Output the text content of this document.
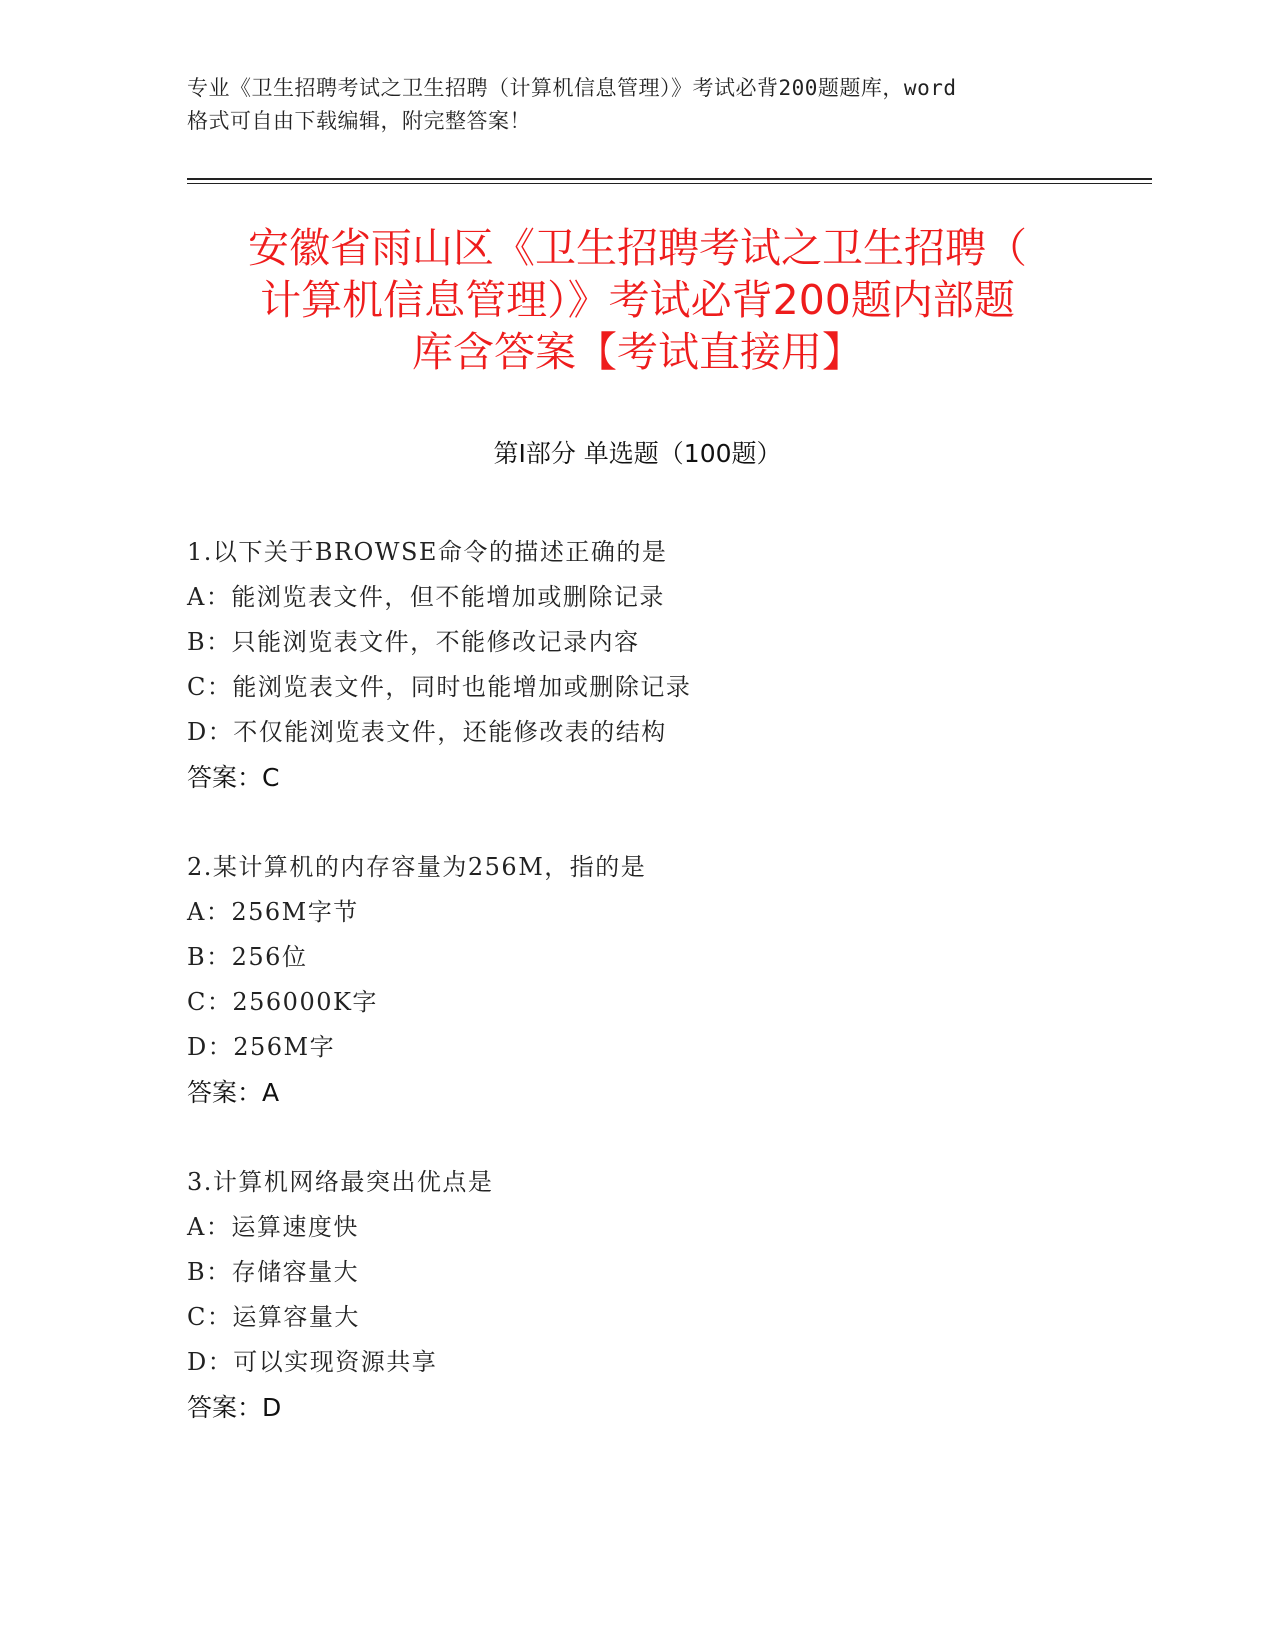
专业《卫生招聘考试之卫生招聘（计算机信息管理）》考试必背200题题库，word
格式可自由下载编辑，附完整答案！
安徽省雨山区《卫生招聘考试之卫生招聘（
计算机信息管理）》考试必背200题内部题
库含答案【考试直接用】
第Ⅰ部分 单选题（100题）
1.以下关于BROWSE命令的描述正确的是
A：能浏览表文件，但不能增加或删除记录
B：只能浏览表文件，不能修改记录内容
C：能浏览表文件，同时也能增加或删除记录
D：不仅能浏览表文件，还能修改表的结构
答案：C
2.某计算机的内存容量为256M，指的是
A：256M字节
B：256位
C：256000K字
D：256M字
答案：A
3.计算机网络最突出优点是
A：运算速度快
B：存储容量大
C：运算容量大
D：可以实现资源共享
答案：D
